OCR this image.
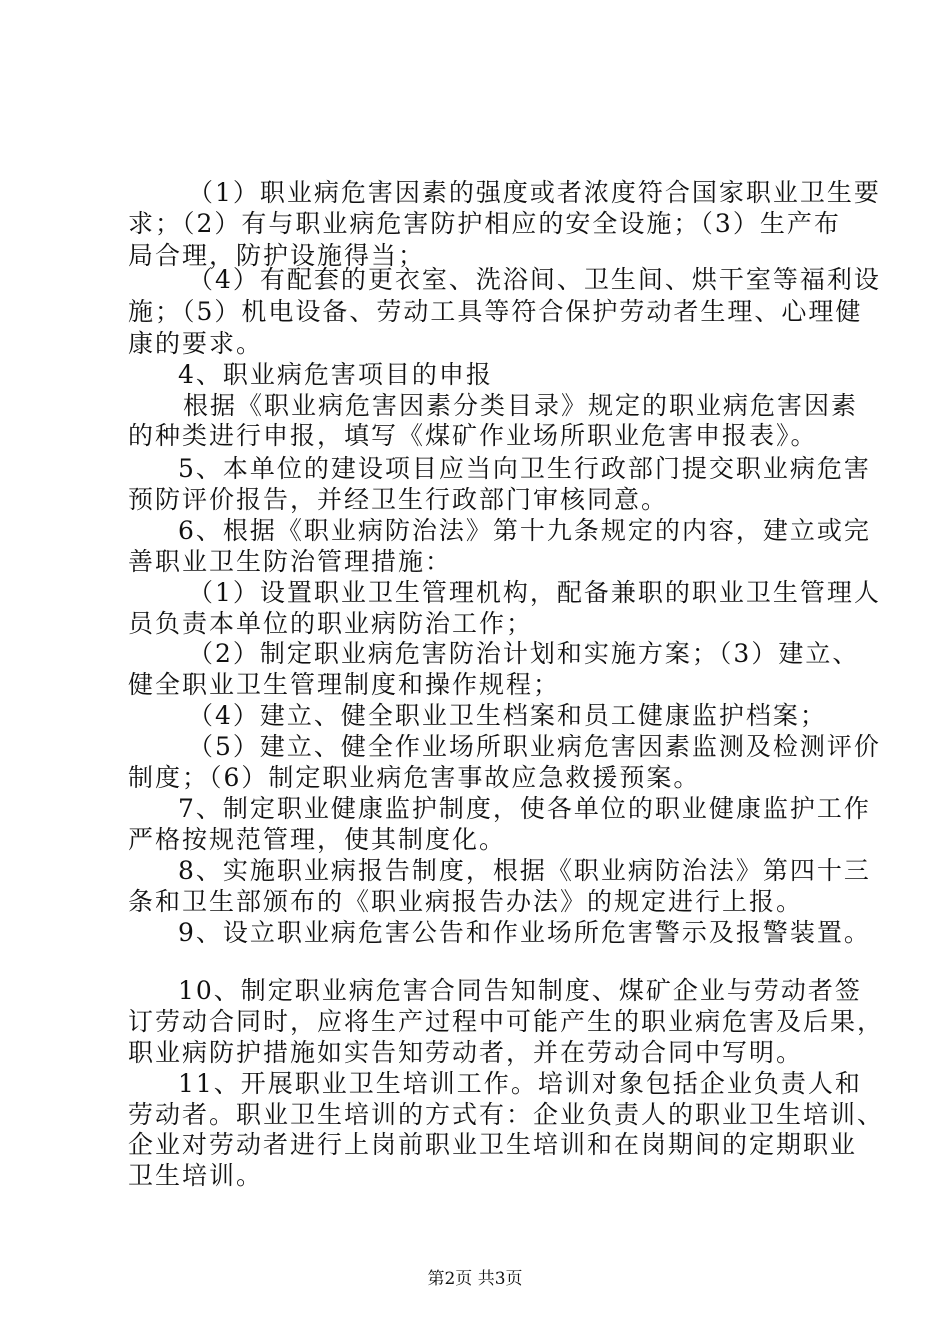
（1）职业病危害因素的强度或者浓度符合国家职业卫生要
求；（2）有与职业病危害防护相应的安全设施；（3）生产布
局合理，防护设施得当；
（4）有配套的更衣室、洗浴间、卫生间、烘干室等福利设
施；（5）机电设备、劳动工具等符合保护劳动者生理、心理健
康的要求。
4、职业病危害项目的申报
根据《职业病危害因素分类目录》规定的职业病危害因素
的种类进行申报，填写《煤矿作业场所职业危害申报表》。
5、本单位的建设项目应当向卫生行政部门提交职业病危害
预防评价报告，并经卫生行政部门审核同意。
6、根据《职业病防治法》第十九条规定的内容，建立或完
善职业卫生防治管理措施：
（1）设置职业卫生管理机构，配备兼职的职业卫生管理人
员负责本单位的职业病防治工作；
（2）制定职业病危害防治计划和实施方案；（3）建立、
健全职业卫生管理制度和操作规程；
（4）建立、健全职业卫生档案和员工健康监护档案；
（5）建立、健全作业场所职业病危害因素监测及检测评价
制度；（6）制定职业病危害事故应急救援预案。
7、制定职业健康监护制度，使各单位的职业健康监护工作
严格按规范管理，使其制度化。
8、实施职业病报告制度，根据《职业病防治法》第四十三
条和卫生部颁布的《职业病报告办法》的规定进行上报。
9、设立职业病危害公告和作业场所危害警示及报警装置。
10、制定职业病危害合同告知制度、煤矿企业与劳动者签
订劳动合同时，应将生产过程中可能产生的职业病危害及后果，
职业病防护措施如实告知劳动者，并在劳动合同中写明。
11、开展职业卫生培训工作。培训对象包括企业负责人和
劳动者。职业卫生培训的方式有：企业负责人的职业卫生培训、
企业对劳动者进行上岗前职业卫生培训和在岗期间的定期职业
卫生培训。
第2页 共3页
